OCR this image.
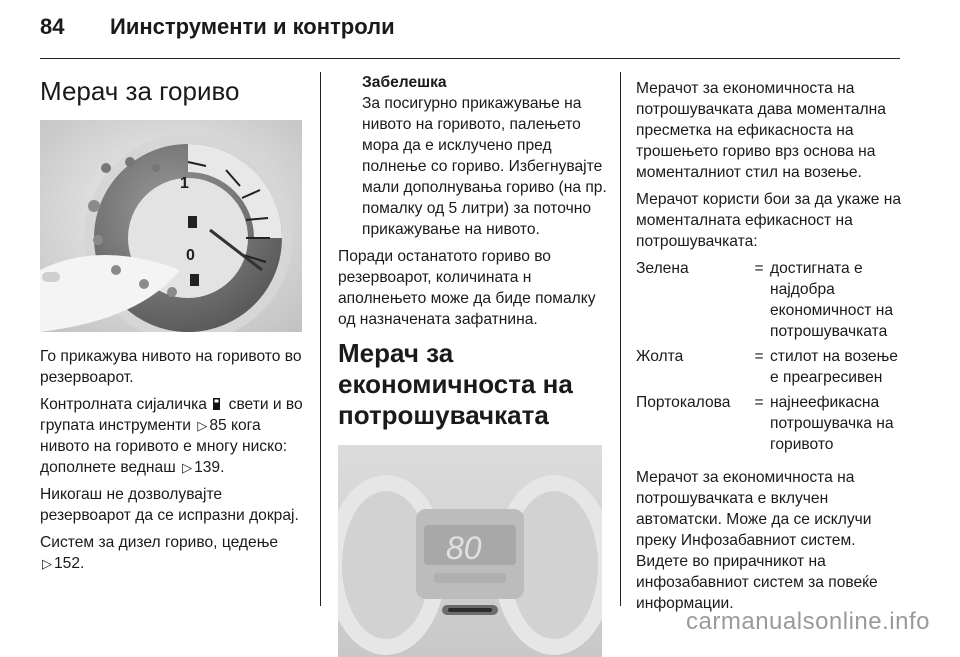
84 Иинструменти и контроли
Мерач за гориво
1
0

Го прикажува нивото на горивото во резервоарот.

Контролната сијаличка свети и во групата инструменти ▷ 85 кога нивото на горивото е многу ниско: дополнете веднаш ▷ 139.

Никогаш не дозволувајте резервоарот да се испразни докрај.

Систем за дизел гориво, цедење
▷ 152.

Забелешка
За посигурно прикажување на нивото на горивото, палењето мора да е исклучено пред полнење со гориво. Избегнувајте мали дополнувања гориво (на пр. помалку од 5 литри) за поточно прикажување на нивото.

Поради останатото гориво во резервоарот, количината н аполнењето може да биде помалку од назначената зафатнина.

Мерач за економичноста на потрошувачката
80

Мерачот за економичноста на потрошувачката дава моментална пресметка на ефикасноста на трошењето гориво врз основа на моменталниот стил на возење.

Мерачот користи бои за да укаже на моменталната ефикасност на потрошувачката:

Зелена	=	достигната е најдобра економичност на потрошувачката
Жолта	=	стилот на возење е преагресивен
Портокалова	=	најнеефикасна потрошувачка на горивото

Мерачот за економичноста на потрошувачката е вклучен автоматски. Може да се исклучи преку Инфозабавниот систем. Видете во прирачникот на инфозабавниот систем за повеќе информации.

carmanualsonline.info
